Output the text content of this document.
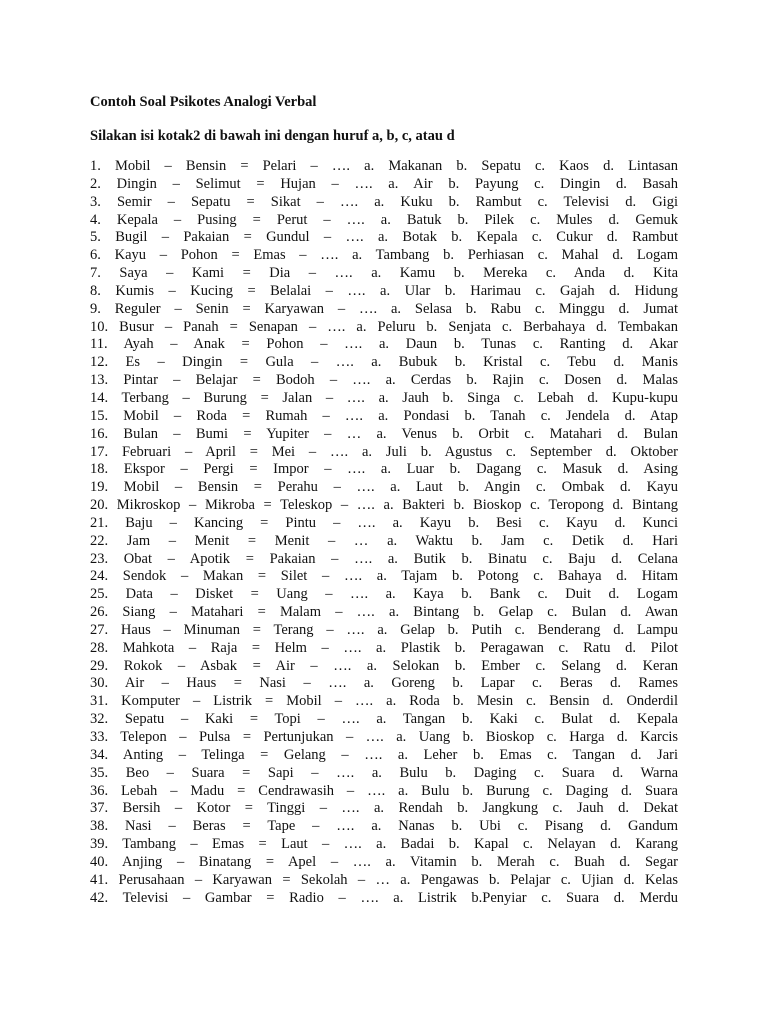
Contoh Soal Psikotes Analogi Verbal
Silakan isi kotak2 di bawah ini dengan huruf a, b, c, atau d
1. Mobil – Bensin = Pelari – …. a. Makanan b. Sepatu c. Kaos d. Lintasan
2. Dingin – Selimut = Hujan – …. a. Air b. Payung c. Dingin d. Basah
3. Semir – Sepatu = Sikat – …. a. Kuku b. Rambut c. Televisi d. Gigi
4. Kepala – Pusing = Perut – …. a. Batuk b. Pilek c. Mules d. Gemuk
5. Bugil – Pakaian = Gundul – …. a. Botak b. Kepala c. Cukur d. Rambut
6. Kayu – Pohon = Emas – …. a. Tambang b. Perhiasan c. Mahal d. Logam
7. Saya – Kami = Dia – …. a. Kamu b. Mereka c. Anda d. Kita
8. Kumis – Kucing = Belalai – …. a. Ular b. Harimau c. Gajah d. Hidung
9. Reguler – Senin = Karyawan – …. a. Selasa b. Rabu c. Minggu d. Jumat
10. Busur – Panah = Senapan – …. a. Peluru b. Senjata c. Berbahaya d. Tembakan
11. Ayah – Anak = Pohon – …. a. Daun b. Tunas c. Ranting d. Akar
12. Es – Dingin = Gula – …. a. Bubuk b. Kristal c. Tebu d. Manis
13. Pintar – Belajar = Bodoh – …. a. Cerdas b. Rajin c. Dosen d. Malas
14. Terbang – Burung = Jalan – …. a. Jauh b. Singa c. Lebah d. Kupu-kupu
15. Mobil – Roda = Rumah – …. a. Pondasi b. Tanah c. Jendela d. Atap
16. Bulan – Bumi = Yupiter – … a. Venus b. Orbit c. Matahari d. Bulan
17. Februari – April = Mei – …. a. Juli b. Agustus c. September d. Oktober
18. Ekspor – Pergi = Impor – …. a. Luar b. Dagang c. Masuk d. Asing
19. Mobil – Bensin = Perahu – …. a. Laut b. Angin c. Ombak d. Kayu
20. Mikroskop – Mikroba = Teleskop – …. a. Bakteri b. Bioskop c. Teropong d. Bintang
21. Baju – Kancing = Pintu – …. a. Kayu b. Besi c. Kayu d. Kunci
22. Jam – Menit = Menit – … a. Waktu b. Jam c. Detik d. Hari
23. Obat – Apotik = Pakaian – …. a. Butik b. Binatu c. Baju d. Celana
24. Sendok – Makan = Silet – …. a. Tajam b. Potong c. Bahaya d. Hitam
25. Data – Disket = Uang – …. a. Kaya b. Bank c. Duit d. Logam
26. Siang – Matahari = Malam – …. a. Bintang b. Gelap c. Bulan d. Awan
27. Haus – Minuman = Terang – …. a. Gelap b. Putih c. Benderang d. Lampu
28. Mahkota – Raja = Helm – …. a. Plastik b. Peragawan c. Ratu d. Pilot
29. Rokok – Asbak = Air – …. a. Selokan b. Ember c. Selang d. Keran
30. Air – Haus = Nasi – …. a. Goreng b. Lapar c. Beras d. Rames
31. Komputer – Listrik = Mobil – …. a. Roda b. Mesin c. Bensin d. Onderdil
32. Sepatu – Kaki = Topi – …. a. Tangan b. Kaki c. Bulat d. Kepala
33. Telepon – Pulsa = Pertunjukan – …. a. Uang b. Bioskop c. Harga d. Karcis
34. Anting – Telinga = Gelang – …. a. Leher b. Emas c. Tangan d. Jari
35. Beo – Suara = Sapi – …. a. Bulu b. Daging c. Suara d. Warna
36. Lebah – Madu = Cendrawasih – …. a. Bulu b. Burung c. Daging d. Suara
37. Bersih – Kotor = Tinggi – …. a. Rendah b. Jangkung c. Jauh d. Dekat
38. Nasi – Beras = Tape – …. a. Nanas b. Ubi c. Pisang d. Gandum
39. Tambang – Emas = Laut – …. a. Badai b. Kapal c. Nelayan d. Karang
40. Anjing – Binatang = Apel – …. a. Vitamin b. Merah c. Buah d. Segar
41. Perusahaan – Karyawan = Sekolah – … a. Pengawas b. Pelajar c. Ujian d. Kelas
42. Televisi – Gambar = Radio – …. a. Listrik b.Penyiar c. Suara d. Merdu
